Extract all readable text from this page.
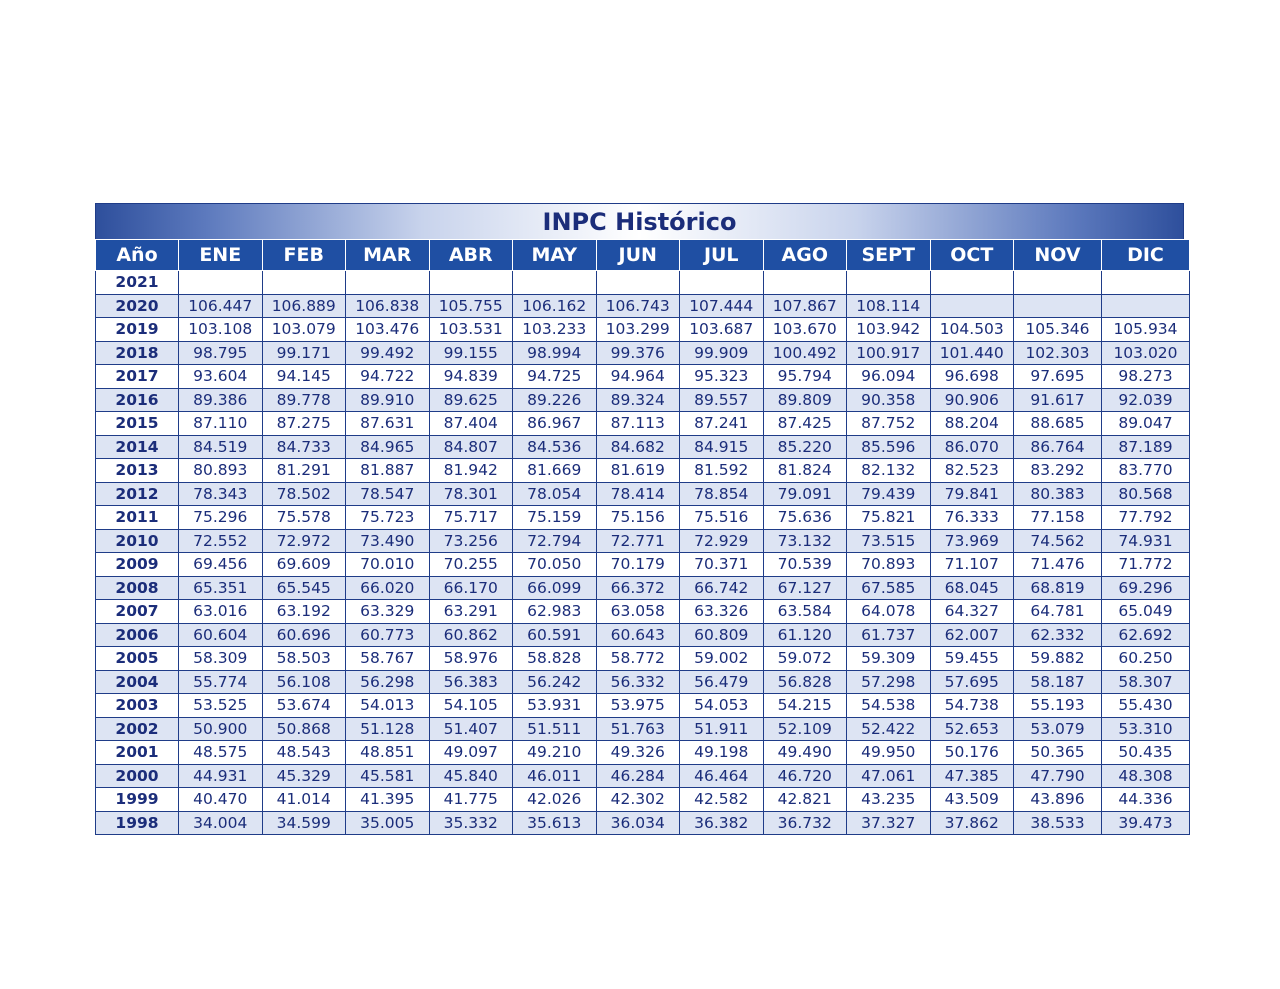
INPC Histórico
Año	ENE	FEB	MAR	ABR	MAY	JUN	JUL	AGO	SEPT	OCT	NOV	DIC
2021												
2020	106.447	106.889	106.838	105.755	106.162	106.743	107.444	107.867	108.114			
2019	103.108	103.079	103.476	103.531	103.233	103.299	103.687	103.670	103.942	104.503	105.346	105.934
2018	98.795	99.171	99.492	99.155	98.994	99.376	99.909	100.492	100.917	101.440	102.303	103.020
2017	93.604	94.145	94.722	94.839	94.725	94.964	95.323	95.794	96.094	96.698	97.695	98.273
2016	89.386	89.778	89.910	89.625	89.226	89.324	89.557	89.809	90.358	90.906	91.617	92.039
2015	87.110	87.275	87.631	87.404	86.967	87.113	87.241	87.425	87.752	88.204	88.685	89.047
2014	84.519	84.733	84.965	84.807	84.536	84.682	84.915	85.220	85.596	86.070	86.764	87.189
2013	80.893	81.291	81.887	81.942	81.669	81.619	81.592	81.824	82.132	82.523	83.292	83.770
2012	78.343	78.502	78.547	78.301	78.054	78.414	78.854	79.091	79.439	79.841	80.383	80.568
2011	75.296	75.578	75.723	75.717	75.159	75.156	75.516	75.636	75.821	76.333	77.158	77.792
2010	72.552	72.972	73.490	73.256	72.794	72.771	72.929	73.132	73.515	73.969	74.562	74.931
2009	69.456	69.609	70.010	70.255	70.050	70.179	70.371	70.539	70.893	71.107	71.476	71.772
2008	65.351	65.545	66.020	66.170	66.099	66.372	66.742	67.127	67.585	68.045	68.819	69.296
2007	63.016	63.192	63.329	63.291	62.983	63.058	63.326	63.584	64.078	64.327	64.781	65.049
2006	60.604	60.696	60.773	60.862	60.591	60.643	60.809	61.120	61.737	62.007	62.332	62.692
2005	58.309	58.503	58.767	58.976	58.828	58.772	59.002	59.072	59.309	59.455	59.882	60.250
2004	55.774	56.108	56.298	56.383	56.242	56.332	56.479	56.828	57.298	57.695	58.187	58.307
2003	53.525	53.674	54.013	54.105	53.931	53.975	54.053	54.215	54.538	54.738	55.193	55.430
2002	50.900	50.868	51.128	51.407	51.511	51.763	51.911	52.109	52.422	52.653	53.079	53.310
2001	48.575	48.543	48.851	49.097	49.210	49.326	49.198	49.490	49.950	50.176	50.365	50.435
2000	44.931	45.329	45.581	45.840	46.011	46.284	46.464	46.720	47.061	47.385	47.790	48.308
1999	40.470	41.014	41.395	41.775	42.026	42.302	42.582	42.821	43.235	43.509	43.896	44.336
1998	34.004	34.599	35.005	35.332	35.613	36.034	36.382	36.732	37.327	37.862	38.533	39.473
